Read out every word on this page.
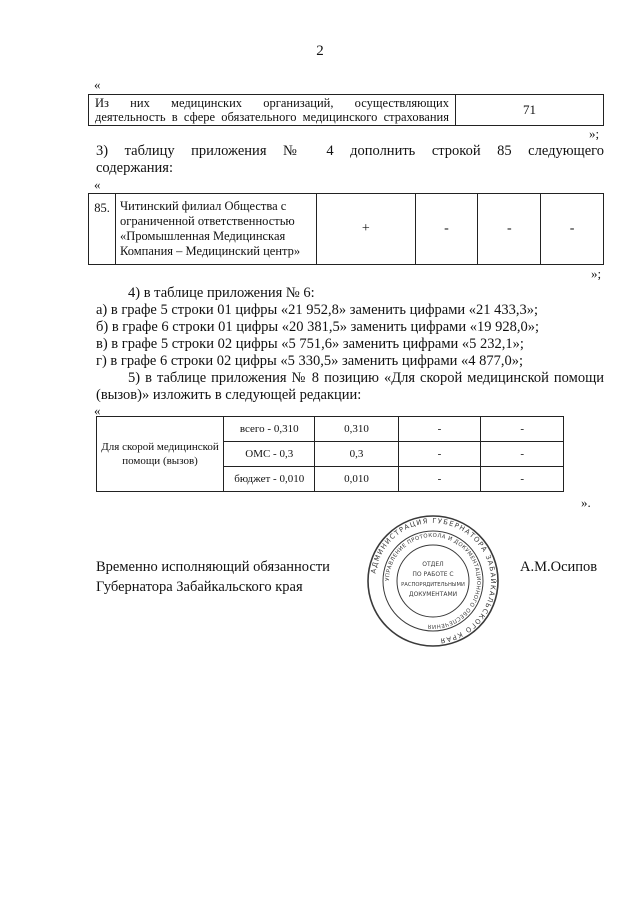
2
«
Из них медицинских организаций, осуществляющих деятельность в сфере обязательного медицинского страхования	71
»;
3) таблицу приложения № 4 дополнить строкой 85 следующего
содержания:
«
85.	Читинский филиал Общества с ограниченной ответственностью «Промышленная Медицинская Компания – Медицинский центр»	+	-	-	-
»;
4) в таблице приложения № 6:
а) в графе 5 строки 01 цифры «21 952,8» заменить цифрами «21 433,3»;
б) в графе 6 строки 01 цифры «20 381,5» заменить цифрами «19 928,0»;
в) в графе 5 строки 02 цифры «5 751,6» заменить цифрами «5 232,1»;
г) в графе 6 строки 02 цифры «5 330,5» заменить цифрами «4 877,0»;
5) в таблице приложения № 8 позицию «Для скорой медицинской помощи
(вызов)» изложить в следующей редакции:
«
Для скорой медицинской помощи (вызов)	всего - 0,310	0,310	-	-
	ОМС - 0,3	0,3	-	-
	бюджет - 0,010	0,010	-	-
».
Временно исполняющий обязанности
Губернатора Забайкальского края
А.М.Осипов
АДМИНИСТРАЦИЯ ГУБЕРНАТОРА ЗАБАЙКАЛЬСКОГО КРАЯ
УПРАВЛЕНИЕ ПРОТОКОЛА И ДОКУМЕНТАЦИОННОГО ОБЕСПЕЧЕНИЯ
ОТДЕЛ
ПО РАБОТЕ С
РАСПОРЯДИТЕЛЬНЫМИ
ДОКУМЕНТАМИ
